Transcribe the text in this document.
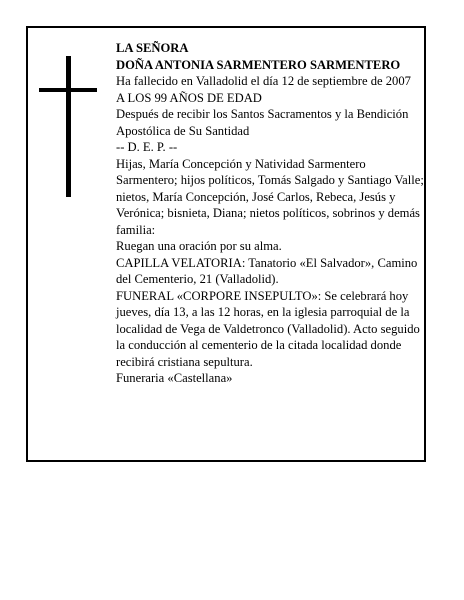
LA SEÑORA

DOÑA ANTONIA SARMENTERO SARMENTERO

Ha fallecido en Valladolid el día 12 de septiembre de 2007

A LOS 99 AÑOS DE EDAD

Después de recibir los Santos Sacramentos y la Bendición Apostólica de Su Santidad

-- D. E. P. --

Hijas, María Concepción y Natividad Sarmentero Sarmentero; hijos políticos, Tomás Salgado y Santiago Valle; nietos, María Concepción, José Carlos, Rebeca, Jesús y Verónica; bisnieta, Diana; nietos políticos, sobrinos y demás familia:

Ruegan una oración por su alma.

CAPILLA VELATORIA: Tanatorio «El Salvador», Camino del Cementerio, 21 (Valladolid).

FUNERAL «CORPORE INSEPULTO»: Se celebrará hoy jueves, día 13, a las 12 horas, en la iglesia parroquial de la localidad de Vega de Valdetronco (Valladolid). Acto seguido la conducción al cementerio de la citada localidad donde recibirá cristiana sepultura.

Funeraria «Castellana»
